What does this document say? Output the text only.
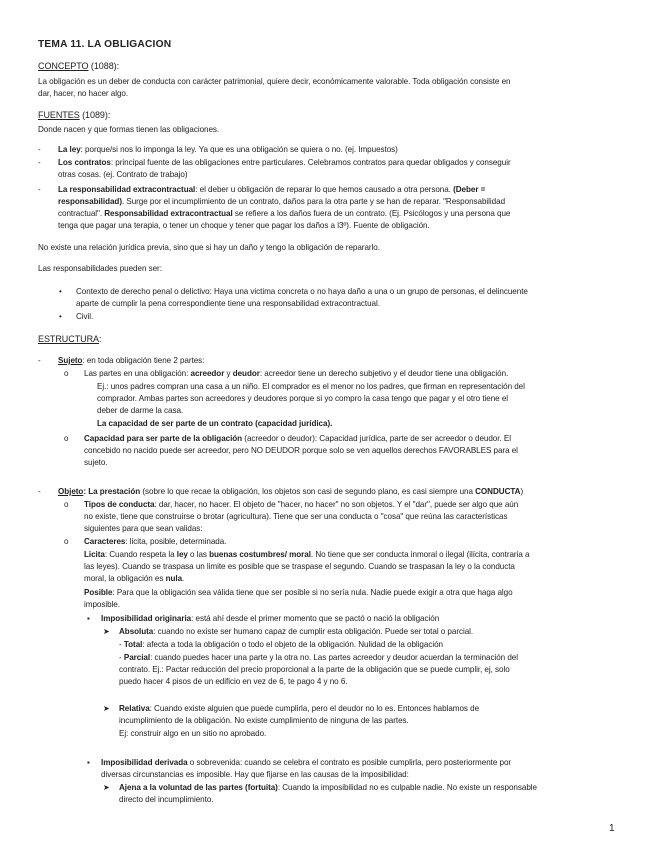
TEMA 11. LA OBLIGACION
CONCEPTO (1088):
La obligación es un deber de conducta con carácter patrimonial, quiere decir, económicamente valorable. Toda obligación consiste en
dar, hacer, no hacer algo.
FUENTES (1089):
Donde nacen y que formas tienen las obligaciones.
- La ley: porque/si nos lo imponga la ley. Ya que es una obligación se quiera o no. (ej. Impuestos)
- Los contratos: principal fuente de las obligaciones entre particulares. Celebramos contratos para quedar obligados y conseguir
otras cosas. (ej. Contrato de trabajo)
- La responsabilidad extracontractual: el deber u obligación de reparar lo que hemos causado a otra persona. (Deber =
responsabilidad). Surge por el incumplimiento de un contrato, daños para la otra parte y se han de reparar. "Responsabilidad
contractual". Responsabilidad extracontractual se refiere a los daños fuera de un contrato. (Ej. Psicólogos y una persona que
tenga que pagar una terapia, o tener un choque y tener que pagar los daños a l3º). Fuente de obligación.
No existe una relación jurídica previa, sino que si hay un daño y tengo la obligación de repararlo.
Las responsabilidades pueden ser:
• Contexto de derecho penal o delictivo: Haya una victima concreta o no haya daño a una o un grupo de personas, el delincuente
aparte de cumplir la pena correspondiente tiene una responsabilidad extracontractual.
• Civil.
ESTRUCTURA:
- Sujeto: en toda obligación tiene 2 partes:
o Las partes en una obligación: acreedor y deudor: acreedor tiene un derecho subjetivo y el deudor tiene una obligación.
Ej.: unos padres compran una casa a un niño. El comprador es el menor no los padres, que firman en representación del
comprador. Ambas partes son acreedores y deudores porque si yo compro la casa tengo que pagar y el otro tiene el
deber de darme la casa.
La capacidad de ser parte de un contrato (capacidad jurídica).
o Capacidad para ser parte de la obligación (acreedor o deudor): Capacidad jurídica, parte de ser acreedor o deudor. El
concebido no nacido puede ser acreedor, pero NO DEUDOR porque solo se ven aquellos derechos FAVORABLES para el
sujeto.
- Objeto: La prestación (sobre lo que recae la obligación, los objetos son casi de segundo plano, es casi siempre una CONDUCTA)
o Tipos de conducta: dar, hacer, no hacer. El objeto de "hacer, no hacer" no son objetos. Y el "dar", puede ser algo que aún
no existe, tiene que construirse o brotar (agricultura). Tiene que ser una conducta o "cosa" que reúna las características
siguientes para que sean validas:
o Caracteres: licita, posible, determinada.
Licita: Cuando respeta la ley o las buenas costumbres/ moral. No tiene que ser conducta inmoral o ilegal (ilícita, contraria a
las leyes). Cuando se traspasa un limite es posible que se traspase el segundo. Cuando se traspasan la ley o la conducta
moral, la obligación es nula.
Posible: Para que la obligación sea válida tiene que ser posible si no sería nula. Nadie puede exigir a otra que haga algo
imposible.
▪ Imposibilidad originaria: está ahí desde el primer momento que se pactó o nació la obligación
➤ Absoluta: cuando no existe ser humano capaz de cumplir esta obligación. Puede ser total o parcial.
- Total: afecta a toda la obligación o todo el objeto de la obligación. Nulidad de la obligación
- Parcial: cuando puedes hacer una parte y la otra no. Las partes acreedor y deudor acuerdan la terminación del
contrato. Ej.: Pactar reducción del precio proporcional a la parte de la obligación que se puede cumplir, ej, solo
puedo hacer 4 pisos de un edificio en vez de 6, te pago 4 y no 6.
➤ Relativa: Cuando existe alguien que puede cumplirla, pero el deudor no lo es. Entonces hablamos de
incumplimiento de la obligación. No existe cumplimiento de ninguna de las partes.
Ej: construir algo en un sitio no aprobado.
▪ Imposibilidad derivada o sobrevenida: cuando se celebra el contrato es posible cumplirla, pero posteriormente por
diversas circunstancias es imposible. Hay que fijarse en las causas de la imposibilidad:
➤ Ajena a la voluntad de las partes (fortuita): Cuando la imposibilidad no es culpable nadie. No existe un responsable
directo del incumplimiento.
1
